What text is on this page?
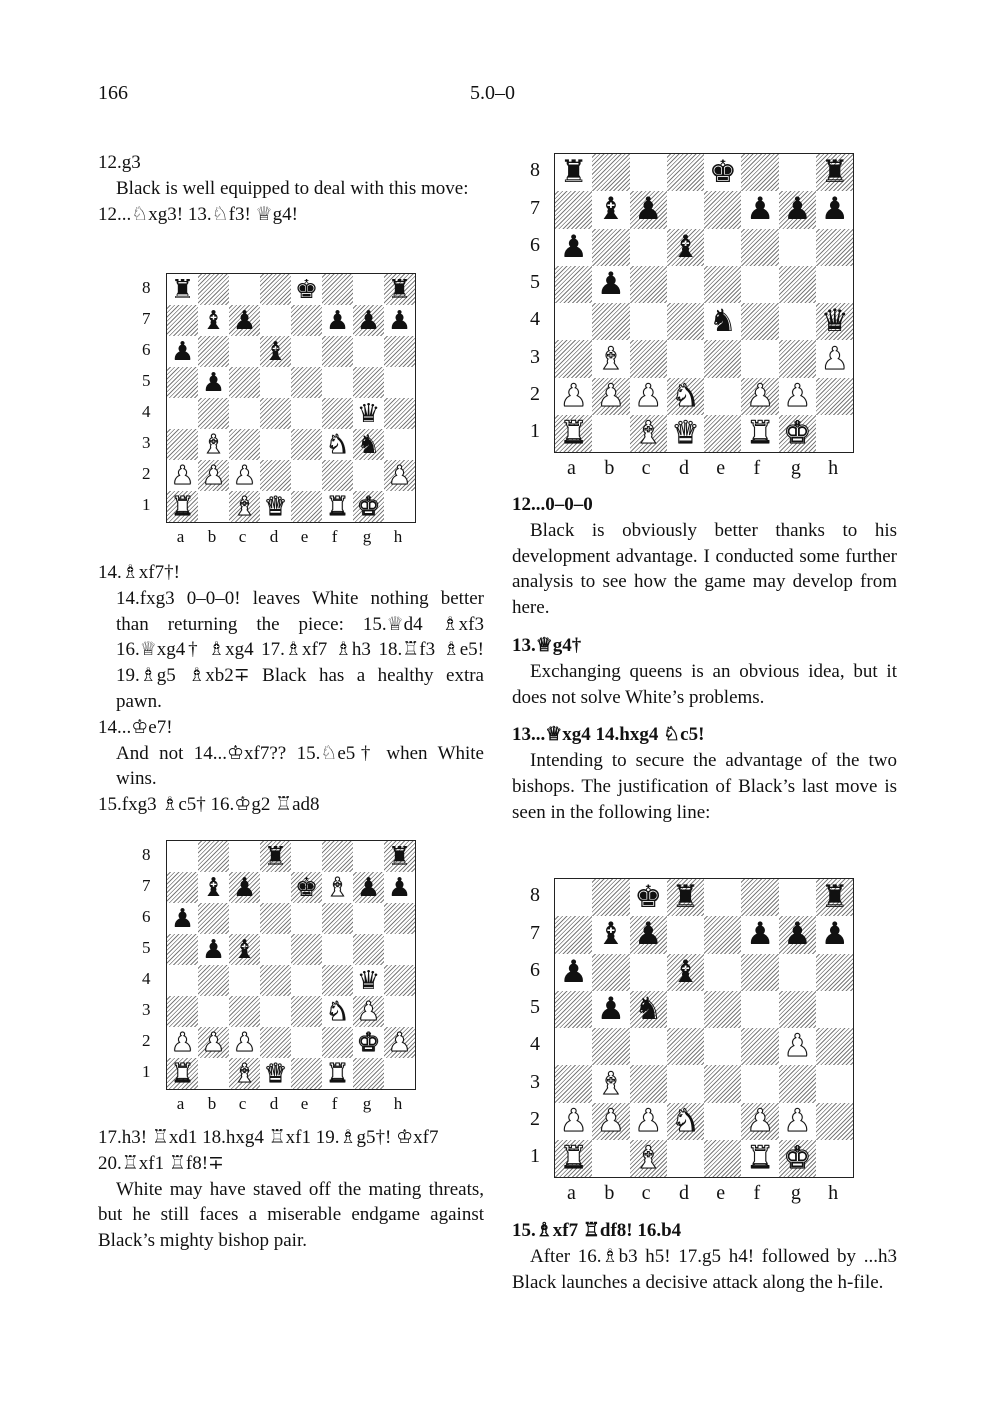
166	5.0–0

12.g3

Black is well equipped to deal with this move:

12...♘xg3! 13.♘f3! ♕g4!

14.♗xf7†!

14.fxg3 0–0–0! leaves White nothing better than returning the piece: 15.♕d4 ♗xf3 16.♕xg4† ♗xg4 17.♗xf7 ♗h3 18.♖f3 ♗e5! 19.♗g5 ♗xb2∓ Black has a healthy extra pawn.

14...♔e7!

And not 14...♔xf7?? 15.♘e5† when White wins.

15.fxg3 ♗c5† 16.♔g2 ♖ad8

17.h3! ♖xd1 18.hxg4 ♖xf1 19.♗g5†! ♔xf7 20.♖xf1 ♖f8!∓

White may have staved off the mating threats, but he still faces a miserable endgame against Black’s mighty bishop pair.

12...0–0–0

Black is obviously better thanks to his development advantage. I conducted some further analysis to see how the game may develop from here.

13.♕g4†

Exchanging queens is an obvious idea, but it does not solve White’s problems.

13...♕xg4 14.hxg4 ♘c5!

Intending to secure the advantage of the two bishops. The justification of Black’s last move is seen in the following line:

15.♗xf7 ♖df8! 16.b4

After 16.♗b3 h5! 17.g5 h4! followed by ...h3 Black launches a decisive attack along the h-file.

♜	♚	♜
♝ ♟	♟ ♟ ♟
♟	♝
♟
♛
♝	♞ ♞
♟ ♟ ♟	♟
♜ ♝ ♛ ♜ ♚
8
7
6
5
4
3
2
1
a b c d e f g h
♜	♚	♜
♝ ♟	♟ ♟ ♟
♟	♝
♟
♞	♛
♝	♟
♟ ♟ ♟ ♞ ♟ ♟
♜ ♝ ♛ ♜ ♚
8
7
6
5
4
3
2
1
a b c d e f g h
♜	♜
♝ ♟ ♚ ♝ ♟ ♟
♟
♟ ♝
♛
♞ ♟
♟ ♟ ♟	♚ ♟
♜ ♝ ♛ ♜
8
7
6
5
4
3
2
1
a b c d e f g h
♚ ♜	♜
♝ ♟	♟ ♟ ♟
♟	♝
♟ ♞
♟
♝
♟ ♟ ♟ ♞ ♟ ♟
♜ ♝	♜ ♚
8
7
6
5
4
3
2
1
a b c d e f g h
